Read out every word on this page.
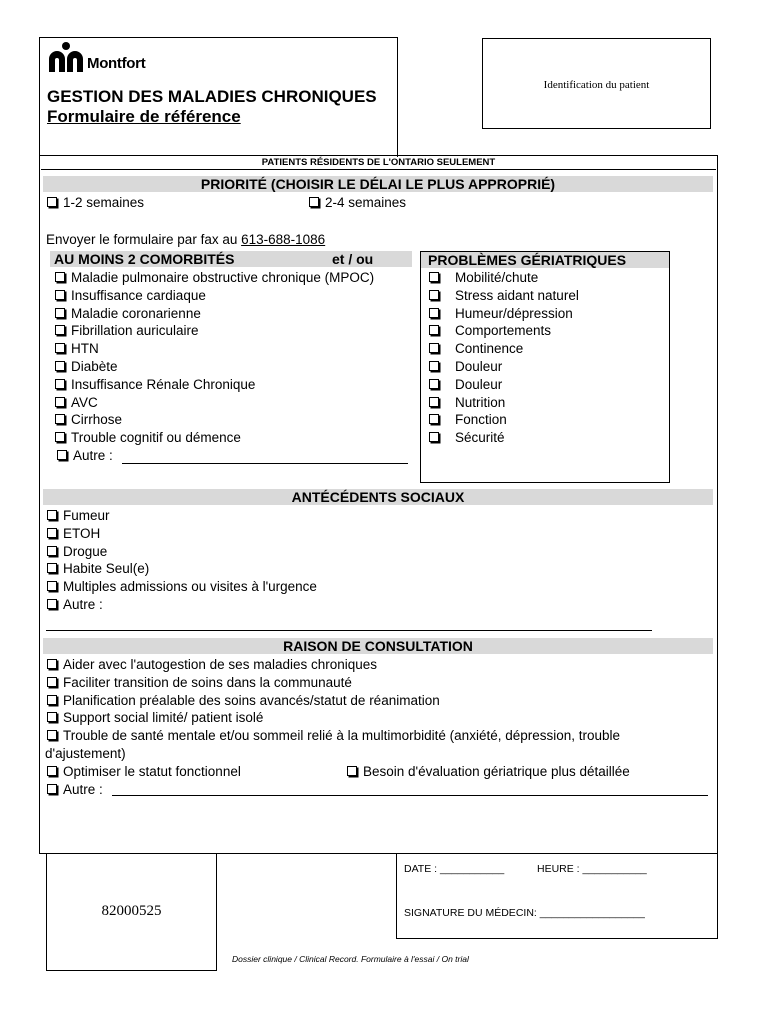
Montfort
GESTION DES MALADIES CHRONIQUES
Formulaire de référence
Identification du patient
PATIENTS RÉSIDENTS DE L'ONTARIO SEULEMENT
PRIORITÉ (CHOISIR LE DÉLAI LE PLUS APPROPRIÉ)
1-2 semaines	2-4 semaines
Envoyer le formulaire par fax au 613-688-1086
AU MOINS 2 COMORBITÉS	et / ou
Maladie pulmonaire obstructive chronique (MPOC)
Insuffisance cardiaque
Maladie coronarienne
Fibrillation auriculaire
HTN
Diabète
Insuffisance Rénale Chronique
AVC
Cirrhose
Trouble cognitif ou démence
Autre :
PROBLÈMES GÉRIATRIQUES
Mobilité/chute
Stress aidant naturel
Humeur/dépression
Comportements
Continence
Douleur
Douleur
Nutrition
Fonction
Sécurité
ANTÉCÉDENTS SOCIAUX
Fumeur
ETOH
Drogue
Habite Seul(e)
Multiples admissions ou visites à l'urgence
Autre :
RAISON DE CONSULTATION
Aider avec l'autogestion de ses maladies chroniques
Faciliter transition de soins dans la communauté
Planification préalable des soins avancés/statut de réanimation
Support social limité/ patient isolé
Trouble de santé mentale et/ou sommeil relié à la multimorbidité (anxiété, dépression, trouble
d'ajustement)
Optimiser le statut fonctionnel
Autre :
Besoin d'évaluation gériatrique plus détaillée
82000525
DATE : ___________	HEURE : ___________
SIGNATURE DU MÉDECIN: __________________
Dossier clinique / Clinical Record. Formulaire à l'essai / On trial
